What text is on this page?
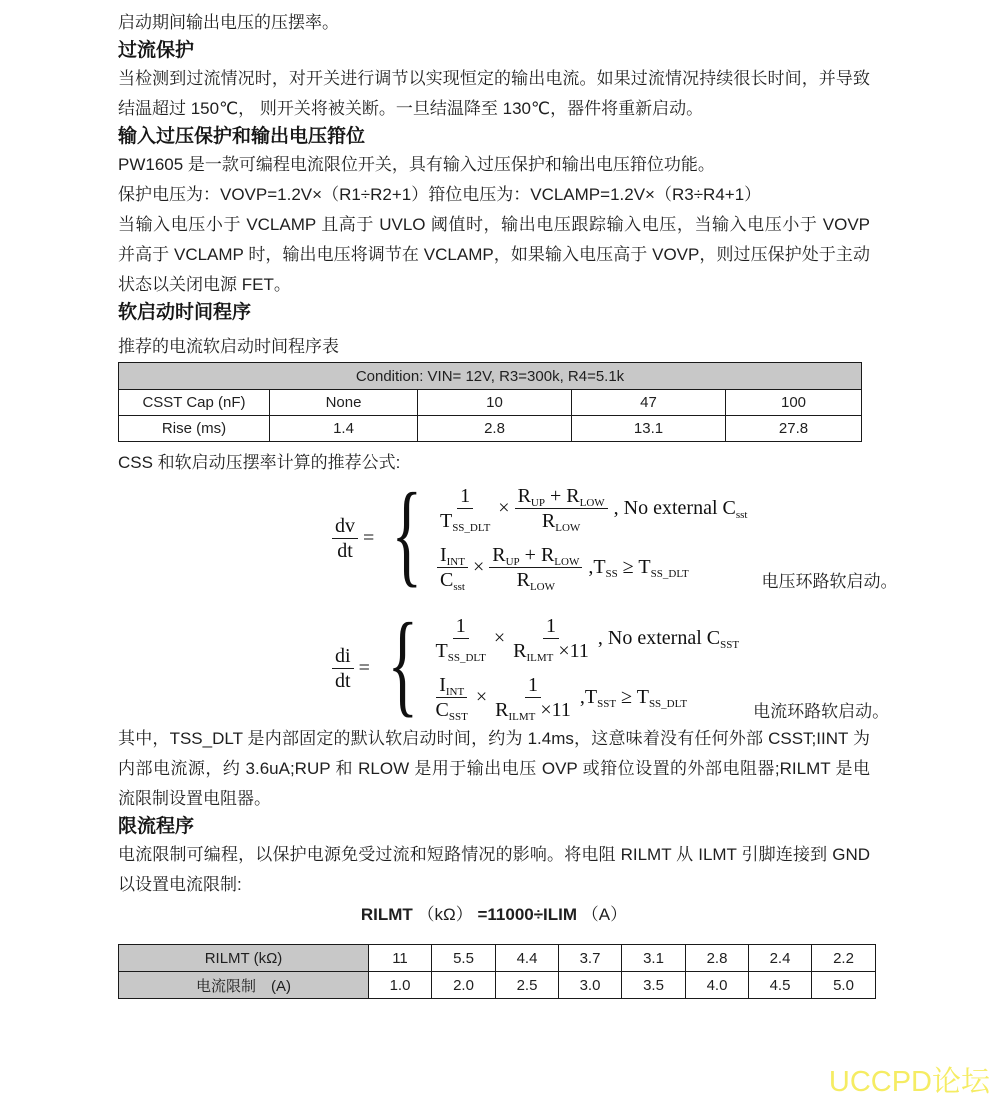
启动期间输出电压的压摆率。

过流保护

当检测到过流情况时，对开关进行调节以实现恒定的输出电流。如果过流情况持续很长时间，并导致结温超过 150℃， 则开关将被关断。一旦结温降至 130℃，器件将重新启动。

输入过压保护和输出电压箝位

PW1605 是一款可编程电流限位开关，具有输入过压保护和输出电压箝位功能。

保护电压为：VOVP=1.2V×（R1÷R2+1）箝位电压为：VCLAMP=1.2V×（R3÷R4+1）

当输入电压小于 VCLAMP 且高于 UVLO 阈值时，输出电压跟踪输入电压，当输入电压小于 VOVP 并高于 VCLAMP 时，输出电压将调节在 VCLAMP，如果输入电压高于 VOVP，则过压保护处于主动状态以关闭电源 FET。

软启动时间程序
推荐的电流软启动时间程序表
Condition: VIN= 12V, R3=300k, R4=5.1k				
CSST Cap (nF)	None	10	47	100
Rise (ms)	1.4	2.8	13.1	27.8
CSS 和软启动压摆率计算的推荐公式:
$\frac{dv}{dt}$ = { $\frac{1}{T_{SS\_DLT}} \times \frac{R_{UP} + R_{LOW}}{R_{LOW}}$ , No external $C_{sst}$
$\frac{I_{INT}}{C_{sst}} \times \frac{R_{UP} + R_{LOW}}{R_{LOW}} ,T_{SS} \ge T_{SS\_DLT}$	电压环路软启动。
$\frac{di}{dt}$ = { $\frac{1}{T_{SS\_DLT}} \times \frac{1}{R_{ILMT} \times 11}$ , No external $C_{SST}$
$\frac{I_{INT}}{C_{SST}} \times \frac{1}{R_{ILMT} \times 11} ,T_{SST} \ge T_{SS\_DLT}$	电流环路软启动。

其中，TSS_DLT 是内部固定的默认软启动时间，约为 1.4ms，这意味着没有任何外部 CSST;IINT 为内部电流源，约 3.6uA;RUP 和 RLOW 是用于输出电压 OVP 或箝位设置的外部电阻器;RILMT 是电流限制设置电阻器。

限流程序

电流限制可编程，以保护电源免受过流和短路情况的影响。将电阻 RILMT 从 ILMT 引脚连接到 GND 以设置电流限制:

RILMT （kΩ） =11000÷ILIM （A）
RILMT (kΩ)	11	5.5	4.4	3.7	3.1	2.8	2.4	2.2
电流限制　(A)	1.0	2.0	2.5	3.0	3.5	4.0	4.5	5.0
UCCPD论坛
